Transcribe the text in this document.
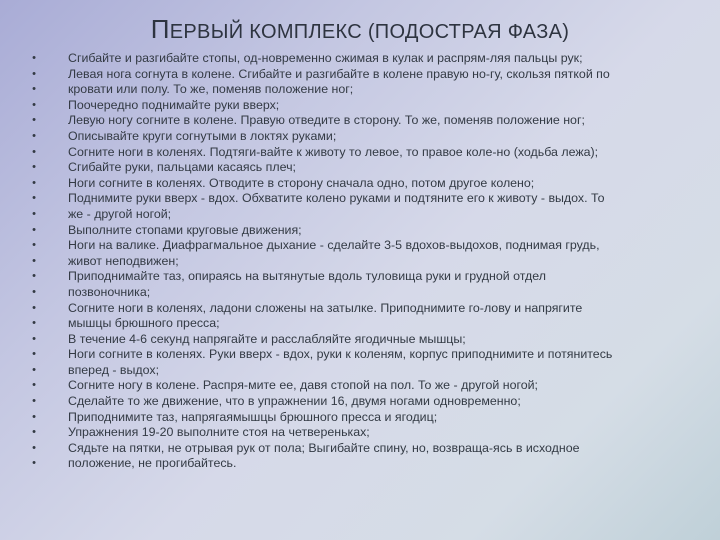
ПЕРВЫЙ КОМПЛЕКС (ПОДОСТРАЯ ФАЗА)
•	Сгибайте и разгибайте стопы, од-новременно сжимая в кулак и распрям-ляя пальцы рук;
•
•
Левая нога согнута в колене. Сгибайте и разгибайте в колене правую но-гу, скользя пяткой по
кровати или полу. То же, поменяв положение ног;
•	Поочередно поднимайте руки вверх;
•	Левую ногу согните в колене. Правую отведите в сторону. То же, поменяв положение ног;
•	Описывайте круги согнутыми в локтях руками;
•	Согните ноги в коленях. Подтяги-вайте к животу то левое, то правое коле-но (ходьба лежа);
•	Сгибайте руки, пальцами касаясь плеч;
•	Ноги согните в коленях. Отводите в сторону сначала одно, потом другое колено;
•
•
Поднимите руки вверх - вдох. Обхватите колено руками и подтяните его к животу - выдох. То
же - другой ногой;
•	Выполните стопами круговые движения;
•
•
Ноги на валике. Диафрагмальное дыхание - сделайте 3-5 вдохов-выдохов, поднимая грудь,
живот неподвижен;
•
•
Приподнимайте таз, опираясь на вытянутые вдоль туловища руки и грудной отдел
позвоночника;
•
•
Согните ноги в коленях, ладони сложены на затылке. Приподнимите го-лову и напрягите
мышцы брюшного пресса;
•	В течение 4-6 секунд напрягайте и расслабляйте ягодичные мышцы;
•
•
Ноги согните в коленях. Руки вверх - вдох, руки к коленям, корпус приподнимите и потянитесь
вперед - выдох;
•	Согните ногу в колене. Распря-мите ее, давя стопой на пол. То же - другой ногой;
•	Сделайте то же движение, что в упражнении 16, двумя ногами одновременно;
•	Приподнимите таз, напрягаямышцы брюшного пресса и ягодиц;
•	Упражнения 19-20 выполните стоя на четвереньках;
•
•
Сядьте на пятки, не отрывая рук от пола; Выгибайте спину, но, возвраща-ясь в исходное
положение, не прогибайтесь.
